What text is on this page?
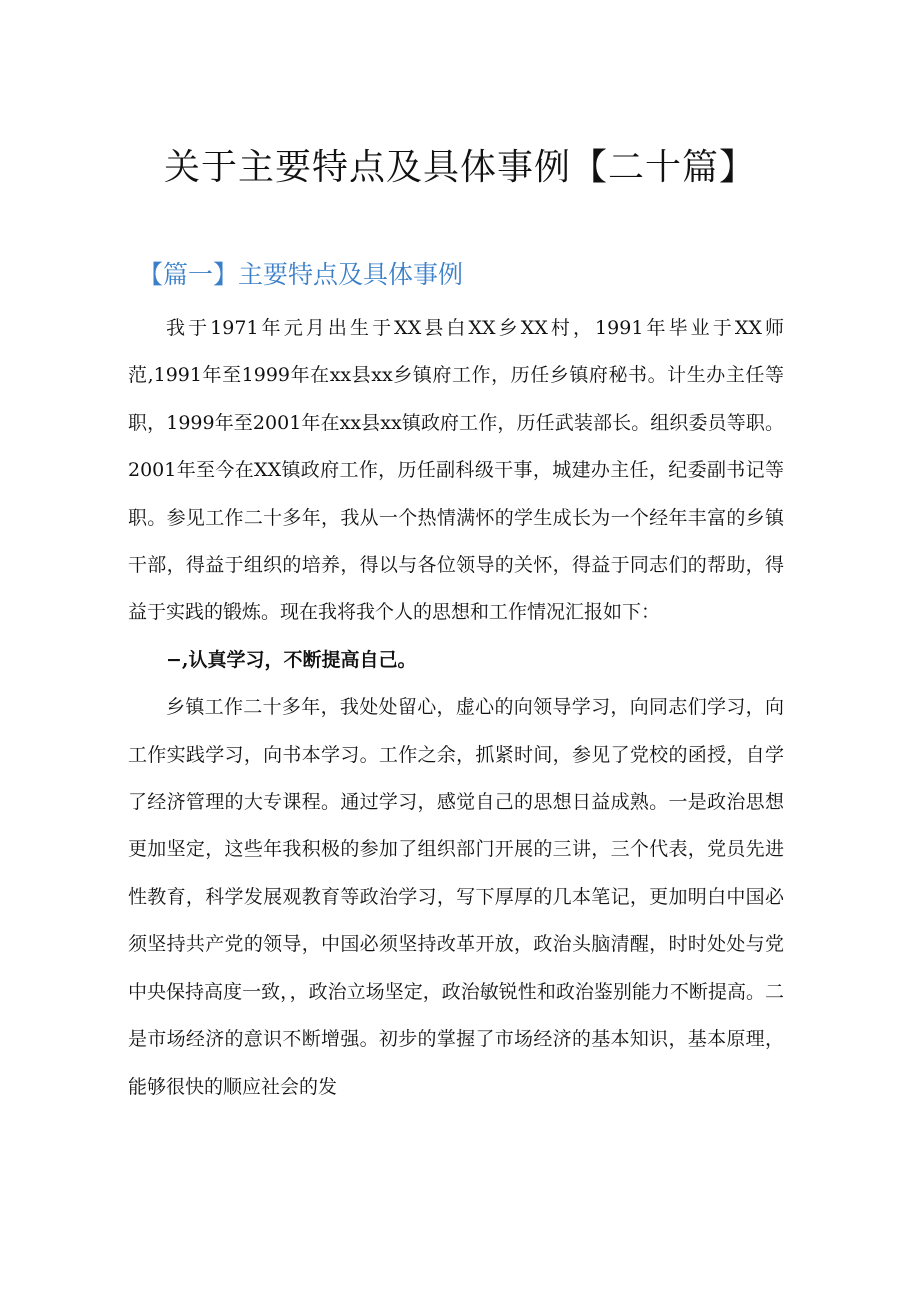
关于主要特点及具体事例【二十篇】
【篇一】主要特点及具体事例

我于1971年元月出生于XX县白XX乡XX村，1991年毕业于XX师范,1991年至1999年在xx县xx乡镇府工作，历任乡镇府秘书。计生办主任等职，1999年至2001年在xx县xx镇政府工作，历任武装部长。组织委员等职。2001年至今在XX镇政府工作，历任副科级干事，城建办主任，纪委副书记等职。参见工作二十多年，我从一个热情满怀的学生成长为一个经年丰富的乡镇干部，得益于组织的培养，得以与各位领导的关怀，得益于同志们的帮助，得益于实践的锻炼。现在我将我个人的思想和工作情况汇报如下：

−,认真学习，不断提高自己。

乡镇工作二十多年，我处处留心，虚心的向领导学习，向同志们学习，向工作实践学习，向书本学习。工作之余，抓紧时间，参见了党校的函授，自学了经济管理的大专课程。通过学习，感觉自己的思想日益成熟。一是政治思想更加坚定，这些年我积极的参加了组织部门开展的三讲，三个代表，党员先进性教育，科学发展观教育等政治学习，写下厚厚的几本笔记，更加明白中国必须坚持共产党的领导，中国必须坚持改革开放，政治头脑清醒，时时处处与党中央保持高度一致，，政治立场坚定，政治敏锐性和政治鉴别能力不断提高。二是市场经济的意识不断增强。初步的掌握了市场经济的基本知识，基本原理，能够很快的顺应社会的发
